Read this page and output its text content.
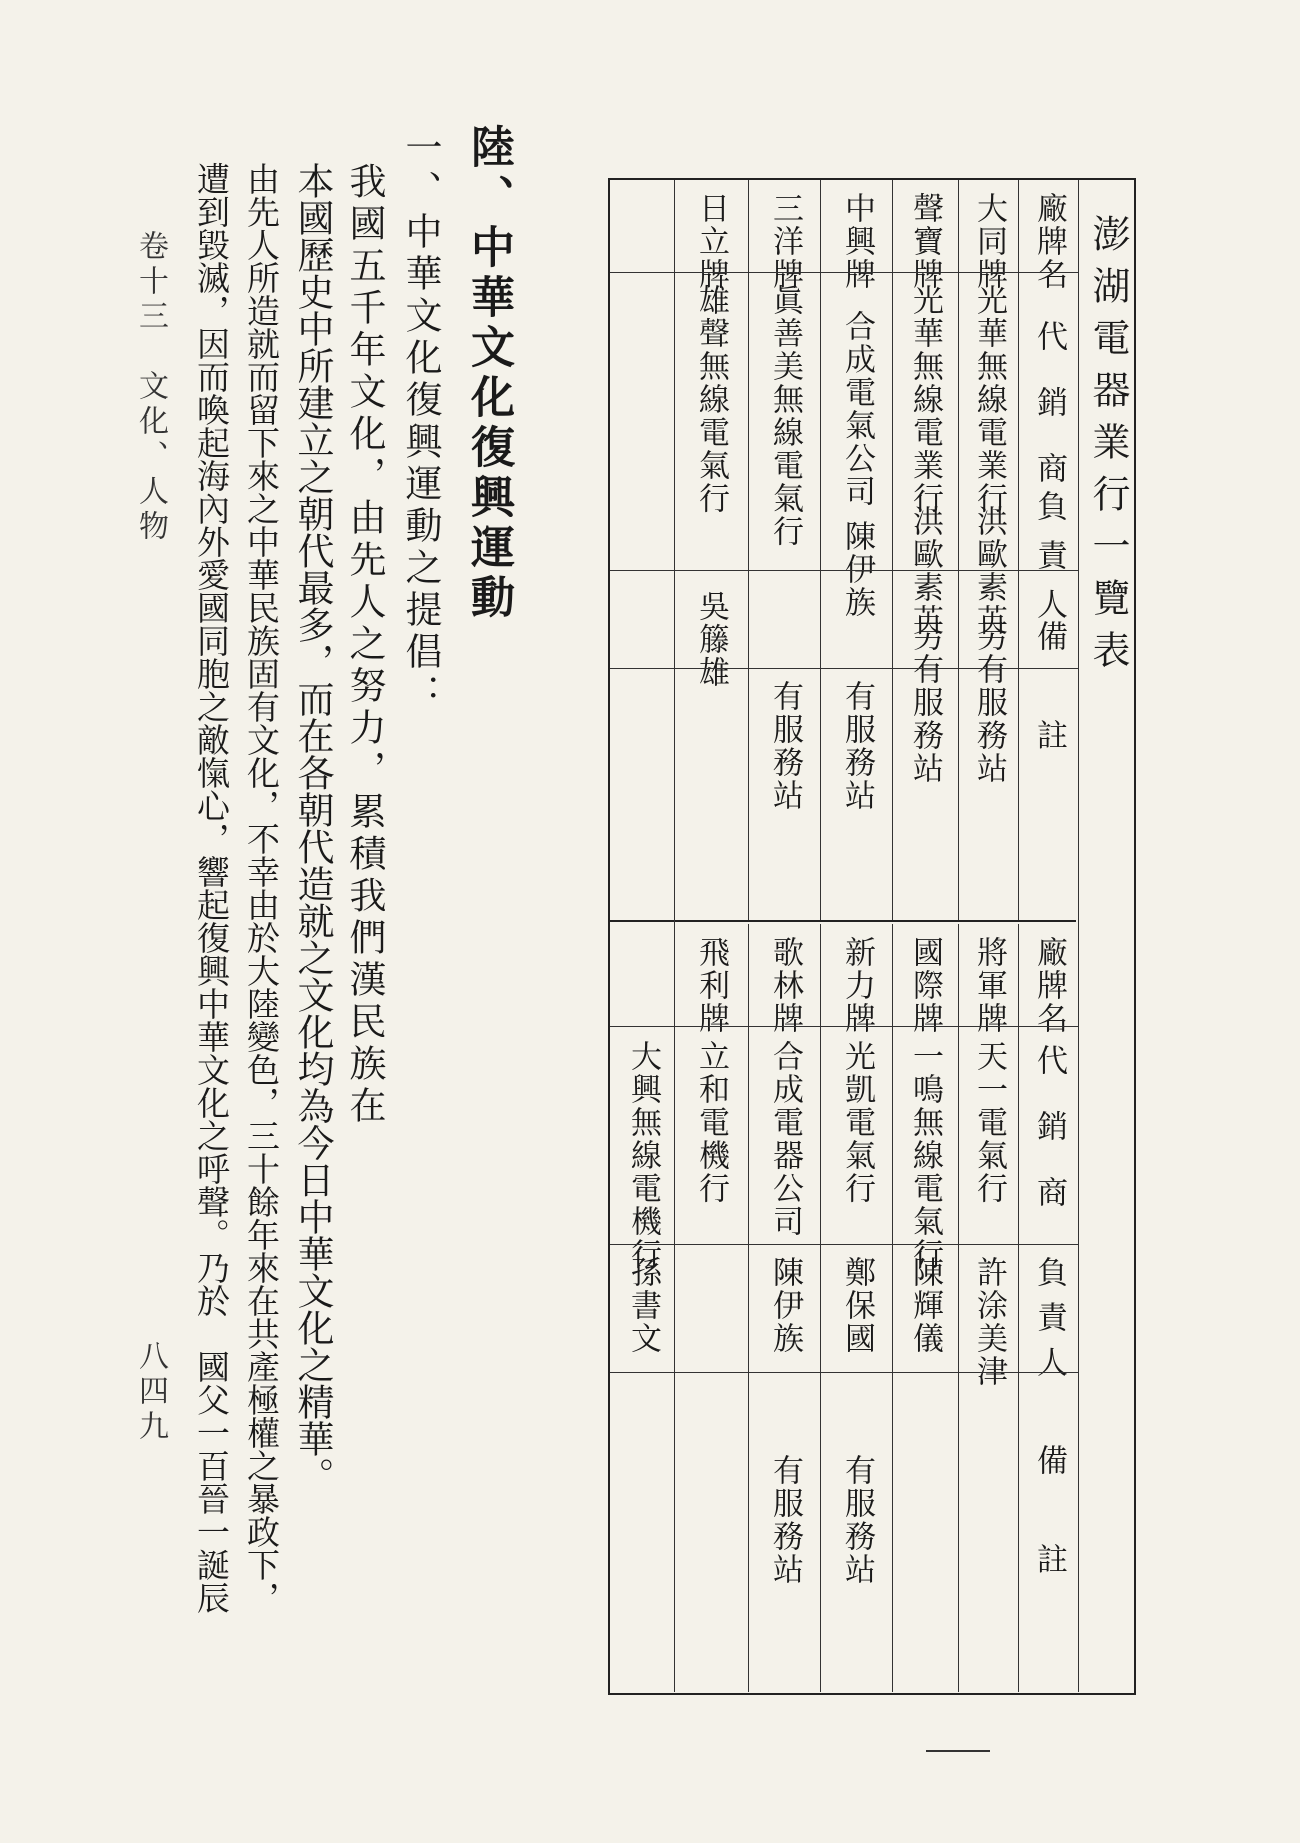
澎湖電器業行一覽表
廠牌名
代　銷　商
負責人
備　　註
大同牌
光華無線電業行
洪歐素英
另有服務站
聲寶牌
光華無線電業行
洪歐素英
另有服務站
中興牌
合成電氣公司
陳伊族
有服務站
三洋牌
眞善美無線電氣行
有服務站
日立牌
雄聲無線電氣行
吳籐雄
廠牌名
代　銷　商
負責人
備　　註
將軍牌
天一電氣行
許涂美津
國際牌
一鳴無線電氣行
陳輝儀
新力牌
光凱電氣行
鄭保國
有服務站
歌林牌
合成電器公司
陳伊族
有服務站
飛利牌
立和電機行
大興無線電機行
孫書文
陸、中華文化復興運動
一、中華文化復興運動之提倡：
我國五千年文化，由先人之努力，累積我們漢民族在
本國歷史中所建立之朝代最多，而在各朝代造就之文化均為今日中華文化之精華。
由先人所造就而留下來之中華民族固有文化，不幸由於大陸變色，三十餘年來在共產極權之暴政下，
遭到毀滅，因而喚起海內外愛國同胞之敵愾心，響起復興中華文化之呼聲。乃於　國父一百晉一誕辰
卷十三　文化、人物
八四九
